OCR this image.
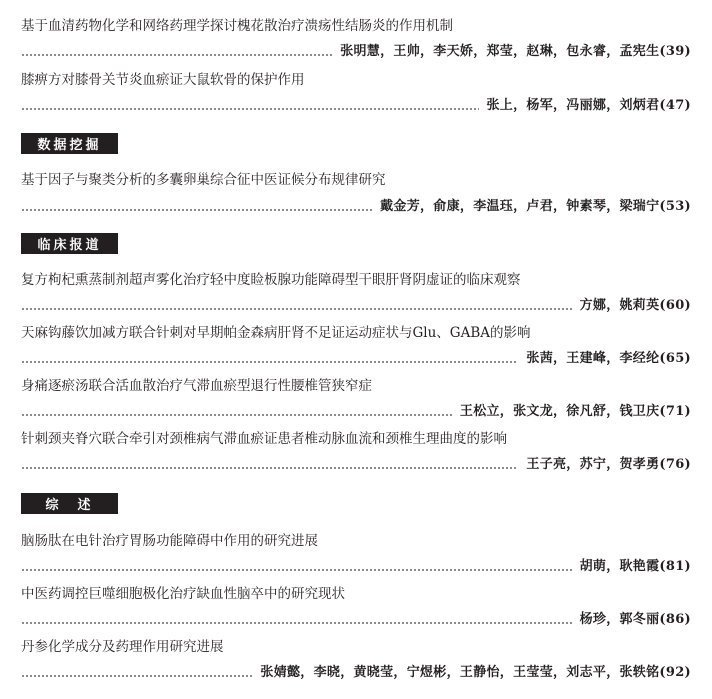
基于血清药物化学和网络药理学探讨槐花散治疗溃疡性结肠炎的作用机制
张明慧，王帅，李天娇，郑莹，赵琳，包永睿，孟宪生(39)
膝痹方对膝骨关节炎血瘀证大鼠软骨的保护作用
张上，杨军，冯丽娜，刘炳君(47)
数据挖掘
基于因子与聚类分析的多囊卵巢综合征中医证候分布规律研究
戴金芳，俞康，李温珏，卢君，钟素琴，梁瑞宁(53)
临床报道
复方枸杞熏蒸制剂超声雾化治疗轻中度睑板腺功能障碍型干眼肝肾阴虚证的临床观察
方娜，姚莉英(60)
天麻钩藤饮加减方联合针刺对早期帕金森病肝肾不足证运动症状与Glu、GABA的影响
张茜，王建峰，李经纶(65)
身痛逐瘀汤联合活血散治疗气滞血瘀型退行性腰椎管狭窄症
王松立，张文龙，徐凡舒，钱卫庆(71)
针刺颈夹脊穴联合牵引对颈椎病气滞血瘀证患者椎动脉血流和颈椎生理曲度的影响
王子亮，苏宁，贺孝勇(76)
综　述
脑肠肽在电针治疗胃肠功能障碍中作用的研究进展
胡萌，耿艳霞(81)
中医药调控巨噬细胞极化治疗缺血性脑卒中的研究现状
杨珍，郭冬丽(86)
丹参化学成分及药理作用研究进展
张婧懿，李晓，黄晓莹，宁煜彬，王静怡，王莹莹，刘志平，张轶铭(92)
